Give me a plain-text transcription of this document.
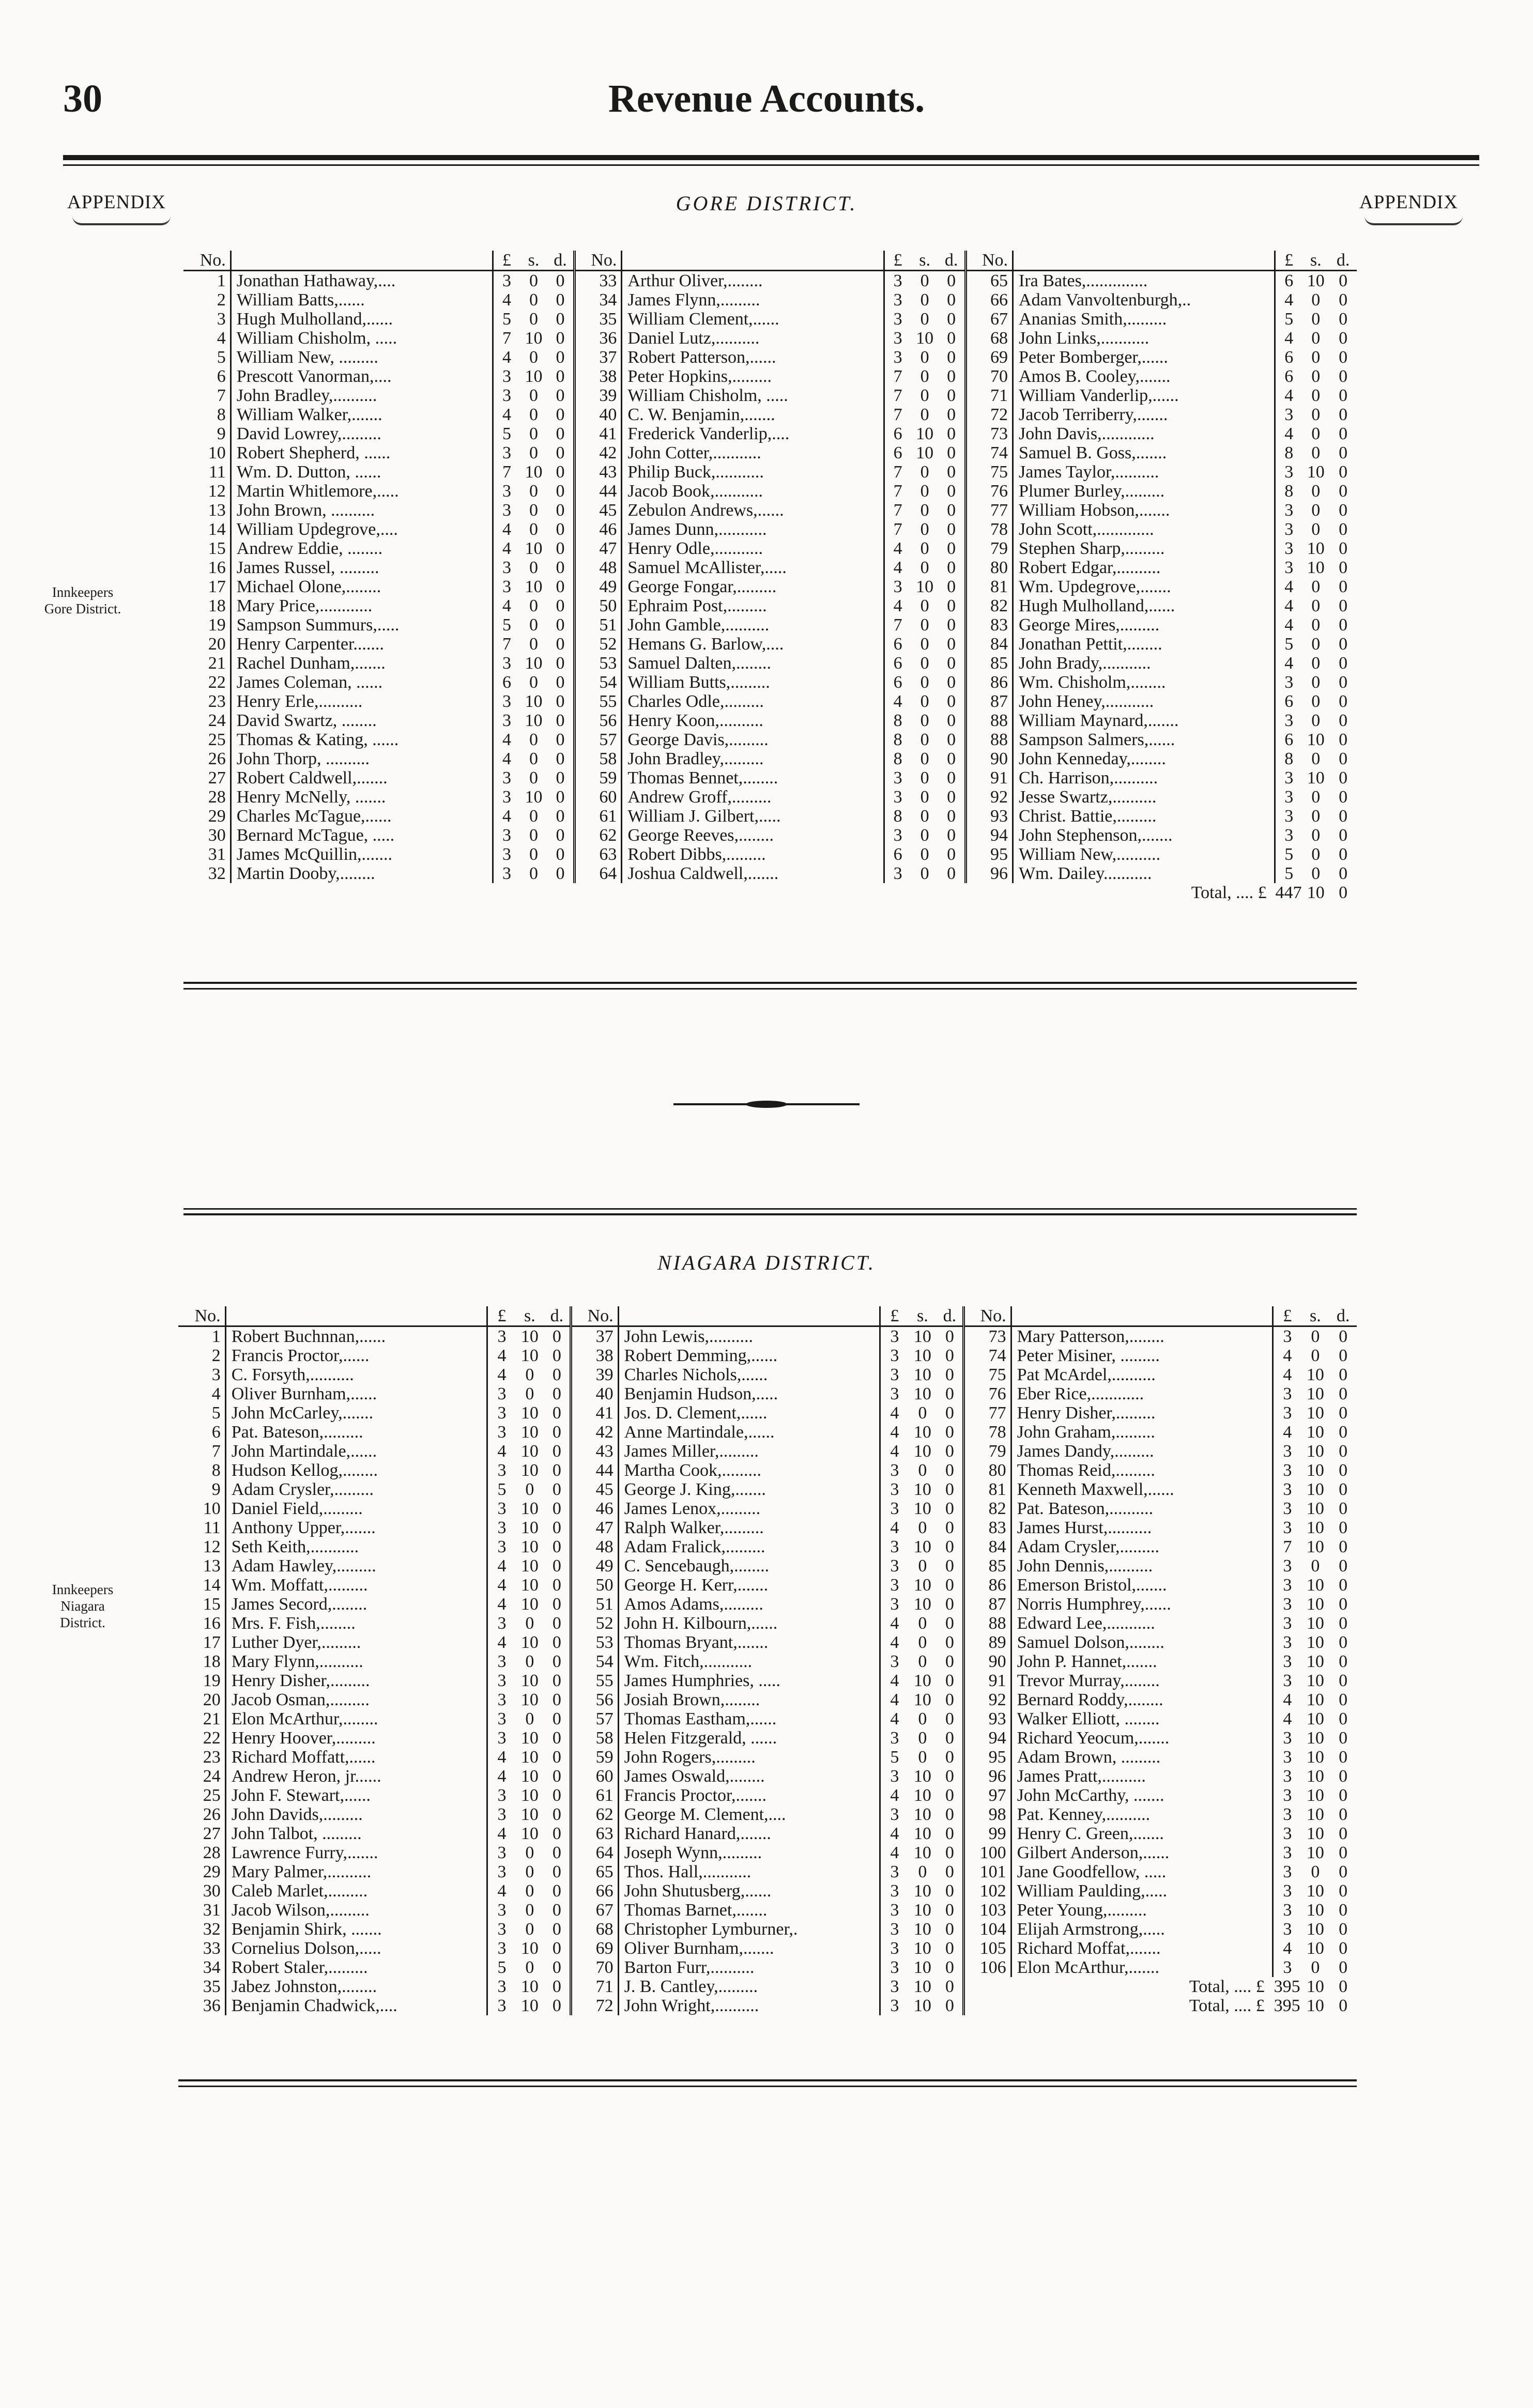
30	Revenue Accounts.
APPENDIX	APPENDIX
GORE DISTRICT.
Innkeepers
Gore District.
No.		£	s.	d.	No.		£	s.	d.	No.		£	s.	d.
1	Jonathan Hathaway,....	3	0	0	33	Arthur Oliver,........	3	0	0	65	Ira Bates,..............	6	10	0
2	William Batts,......	4	0	0	34	James Flynn,.........	3	0	0	66	Adam Vanvoltenburgh,..	4	0	0
3	Hugh Mulholland,......	5	0	0	35	William Clement,......	3	0	0	67	Ananias Smith,.........	5	0	0
4	William Chisholm, .....	7	10	0	36	Daniel Lutz,..........	3	10	0	68	John Links,...........	4	0	0
5	William New, .........	4	0	0	37	Robert Patterson,......	3	0	0	69	Peter Bomberger,......	6	0	0
6	Prescott Vanorman,....	3	10	0	38	Peter Hopkins,.........	7	0	0	70	Amos B. Cooley,.......	6	0	0
7	John Bradley,..........	3	0	0	39	William Chisholm, .....	7	0	0	71	William Vanderlip,......	4	0	0
8	William Walker,.......	4	0	0	40	C. W. Benjamin,.......	7	0	0	72	Jacob Terriberry,.......	3	0	0
9	David Lowrey,.........	5	0	0	41	Frederick Vanderlip,....	6	10	0	73	John Davis,............	4	0	0
10	Robert Shepherd, ......	3	0	0	42	John Cotter,...........	6	10	0	74	Samuel B. Goss,.......	8	0	0
11	Wm. D. Dutton, ......	7	10	0	43	Philip Buck,...........	7	0	0	75	James Taylor,..........	3	10	0
12	Martin Whitlemore,.....	3	0	0	44	Jacob Book,...........	7	0	0	76	Plumer Burley,.........	8	0	0
13	John Brown, ..........	3	0	0	45	Zebulon Andrews,......	7	0	0	77	William Hobson,.......	3	0	0
14	William Updegrove,....	4	0	0	46	James Dunn,...........	7	0	0	78	John Scott,.............	3	0	0
15	Andrew Eddie, ........	4	10	0	47	Henry Odle,...........	4	0	0	79	Stephen Sharp,.........	3	10	0
16	James Russel, .........	3	0	0	48	Samuel McAllister,.....	4	0	0	80	Robert Edgar,..........	3	10	0
17	Michael Olone,........	3	10	0	49	George Fongar,.........	3	10	0	81	Wm. Updegrove,.......	4	0	0
18	Mary Price,............	4	0	0	50	Ephraim Post,.........	4	0	0	82	Hugh Mulholland,......	4	0	0
19	Sampson Summurs,.....	5	0	0	51	John Gamble,..........	7	0	0	83	George Mires,.........	4	0	0
20	Henry Carpenter.......	7	0	0	52	Hemans G. Barlow,....	6	0	0	84	Jonathan Pettit,........	5	0	0
21	Rachel Dunham,.......	3	10	0	53	Samuel Dalten,........	6	0	0	85	John Brady,...........	4	0	0
22	James Coleman, ......	6	0	0	54	William Butts,.........	6	0	0	86	Wm. Chisholm,........	3	0	0
23	Henry Erle,..........	3	10	0	55	Charles Odle,.........	4	0	0	87	John Heney,...........	6	0	0
24	David Swartz, ........	3	10	0	56	Henry Koon,..........	8	0	0	88	William Maynard,.......	3	0	0
25	Thomas & Kating, ......	4	0	0	57	George Davis,.........	8	0	0	88	Sampson Salmers,......	6	10	0
26	John Thorp, ..........	4	0	0	58	John Bradley,.........	8	0	0	90	John Kenneday,........	8	0	0
27	Robert Caldwell,.......	3	0	0	59	Thomas Bennet,........	3	0	0	91	Ch. Harrison,..........	3	10	0
28	Henry McNelly, .......	3	10	0	60	Andrew Groff,.........	3	0	0	92	Jesse Swartz,..........	3	0	0
29	Charles McTague,......	4	0	0	61	William J. Gilbert,.....	8	0	0	93	Christ. Battie,.........	3	0	0
30	Bernard McTague, .....	3	0	0	62	George Reeves,........	3	0	0	94	John Stephenson,.......	3	0	0
31	James McQuillin,.......	3	0	0	63	Robert Dibbs,.........	6	0	0	95	William New,..........	5	0	0
32	Martin Dooby,........	3	0	0	64	Joshua Caldwell,.......	3	0	0	96	Wm. Dailey...........	5	0	0
										Total, .... £		447	10	0
NIAGARA DISTRICT.
Innkeepers
Niagara
District.
No.		£	s.	d.	No.		£	s.	d.	No.		£	s.	d.
1	Robert Buchnnan,......	3	10	0	37	John Lewis,..........	3	10	0	73	Mary Patterson,........	3	0	0
2	Francis Proctor,......	4	10	0	38	Robert Demming,......	3	10	0	74	Peter Misiner, .........	4	0	0
3	C. Forsyth,..........	4	0	0	39	Charles Nichols,......	3	10	0	75	Pat McArdel,..........	4	10	0
4	Oliver Burnham,......	3	0	0	40	Benjamin Hudson,.....	3	10	0	76	Eber Rice,............	3	10	0
5	John McCarley,.......	3	10	0	41	Jos. D. Clement,......	4	0	0	77	Henry Disher,.........	3	10	0
6	Pat. Bateson,.........	3	10	0	42	Anne Martindale,......	4	10	0	78	John Graham,.........	4	10	0
7	John Martindale,......	4	10	0	43	James Miller,.........	4	10	0	79	James Dandy,.........	3	10	0
8	Hudson Kellog,........	3	10	0	44	Martha Cook,.........	3	0	0	80	Thomas Reid,.........	3	10	0
9	Adam Crysler,.........	5	0	0	45	George J. King,.......	3	10	0	81	Kenneth Maxwell,......	3	10	0
10	Daniel Field,.........	3	10	0	46	James Lenox,.........	3	10	0	82	Pat. Bateson,..........	3	10	0
11	Anthony Upper,.......	3	10	0	47	Ralph Walker,.........	4	0	0	83	James Hurst,..........	3	10	0
12	Seth Keith,...........	3	10	0	48	Adam Fralick,.........	3	10	0	84	Adam Crysler,.........	7	10	0
13	Adam Hawley,.........	4	10	0	49	C. Sencebaugh,........	3	0	0	85	John Dennis,..........	3	0	0
14	Wm. Moffatt,.........	4	10	0	50	George H. Kerr,.......	3	10	0	86	Emerson Bristol,.......	3	10	0
15	James Secord,........	4	10	0	51	Amos Adams,.........	3	10	0	87	Norris Humphrey,......	3	10	0
16	Mrs. F. Fish,........	3	0	0	52	John H. Kilbourn,......	4	0	0	88	Edward Lee,...........	3	10	0
17	Luther Dyer,.........	4	10	0	53	Thomas Bryant,.......	4	0	0	89	Samuel Dolson,........	3	10	0
18	Mary Flynn,..........	3	0	0	54	Wm. Fitch,...........	3	0	0	90	John P. Hannet,.......	3	10	0
19	Henry Disher,.........	3	10	0	55	James Humphries, .....	4	10	0	91	Trevor Murray,........	3	10	0
20	Jacob Osman,.........	3	10	0	56	Josiah Brown,........	4	10	0	92	Bernard Roddy,........	4	10	0
21	Elon McArthur,........	3	0	0	57	Thomas Eastham,......	4	0	0	93	Walker Elliott, ........	4	10	0
22	Henry Hoover,.........	3	10	0	58	Helen Fitzgerald, ......	3	0	0	94	Richard Yeocum,.......	3	10	0
23	Richard Moffatt,......	4	10	0	59	John Rogers,.........	5	0	0	95	Adam Brown, .........	3	10	0
24	Andrew Heron, jr......	4	10	0	60	James Oswald,........	3	10	0	96	James Pratt,..........	3	10	0
25	John F. Stewart,......	3	10	0	61	Francis Proctor,.......	4	10	0	97	John McCarthy, .......	3	10	0
26	John Davids,.........	3	10	0	62	George M. Clement,....	3	10	0	98	Pat. Kenney,..........	3	10	0
27	John Talbot, .........	4	10	0	63	Richard Hanard,.......	4	10	0	99	Henry C. Green,.......	3	10	0
28	Lawrence Furry,.......	3	0	0	64	Joseph Wynn,.........	4	10	0	100	Gilbert Anderson,......	3	10	0
29	Mary Palmer,..........	3	0	0	65	Thos. Hall,...........	3	0	0	101	Jane Goodfellow, .....	3	0	0
30	Caleb Marlet,.........	4	0	0	66	John Shutusberg,......	3	10	0	102	William Paulding,.....	3	10	0
31	Jacob Wilson,.........	3	0	0	67	Thomas Barnet,.......	3	10	0	103	Peter Young,.........	3	10	0
32	Benjamin Shirk, .......	3	0	0	68	Christopher Lymburner,.	3	10	0	104	Elijah Armstrong,.....	3	10	0
33	Cornelius Dolson,.....	3	10	0	69	Oliver Burnham,.......	3	10	0	105	Richard Moffat,.......	4	10	0
34	Robert Staler,.........	5	0	0	70	Barton Furr,..........	3	10	0	106	Elon McArthur,.......	3	0	0
35	Jabez Johnston,........	3	10	0	71	J. B. Cantley,.........	3	10	0	Total, .... £		395	10	0
36	Benjamin Chadwick,....	3	10	0	72	John Wright,..........	3	10	0	Total, .... £		395	10	0
